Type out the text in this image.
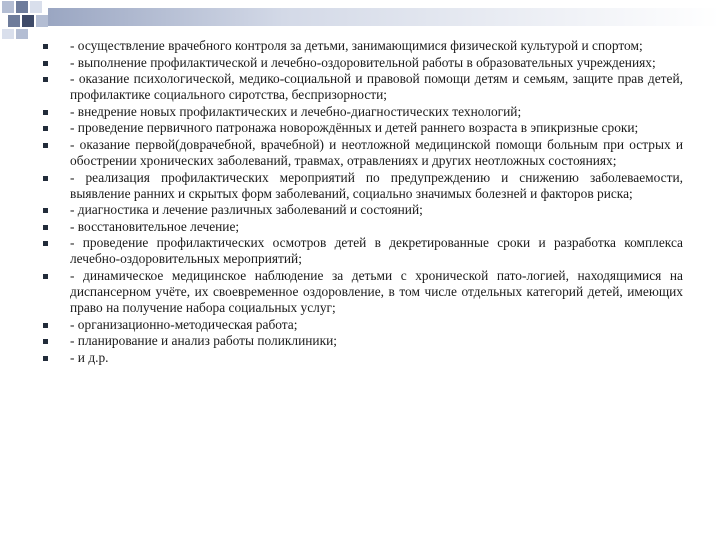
- осуществление врачебного контроля за детьми, занимающимися физической культурой и спортом;
- выполнение профилактической и лечебно-оздоровительной работы в образовательных учреждениях;
- оказание психологической, медико-социальной и правовой помощи детям и семьям, защите прав детей, профилактике социального сиротства, беспризорности;
- внедрение новых профилактических и лечебно-диагностических технологий;
- проведение первичного патронажа новорождённых и детей раннего возраста в эпикризные сроки;
- оказание первой(доврачебной, врачебной) и неотложной медицинской помощи больным при острых и обострении хронических заболеваний, травмах, отравлениях и других неотложных состояниях;
- реализация профилактических мероприятий по предупреждению и снижению заболеваемости, выявление ранних и скрытых форм заболеваний, социально значимых болезней и факторов риска;
- диагностика и лечение различных заболеваний и состояний;
- восстановительное лечение;
- проведение профилактических осмотров детей в декретированные сроки и разработка комплекса лечебно-оздоровительных мероприятий;
- динамическое медицинское наблюдение за детьми с хронической пато-логией, находящимися на диспансерном учёте, их своевременное оздоровление, в том числе отдельных категорий детей, имеющих право на получение набора социальных услуг;
- организационно-методическая работа;
- планирование и анализ работы поликлиники;
- и д.р.
